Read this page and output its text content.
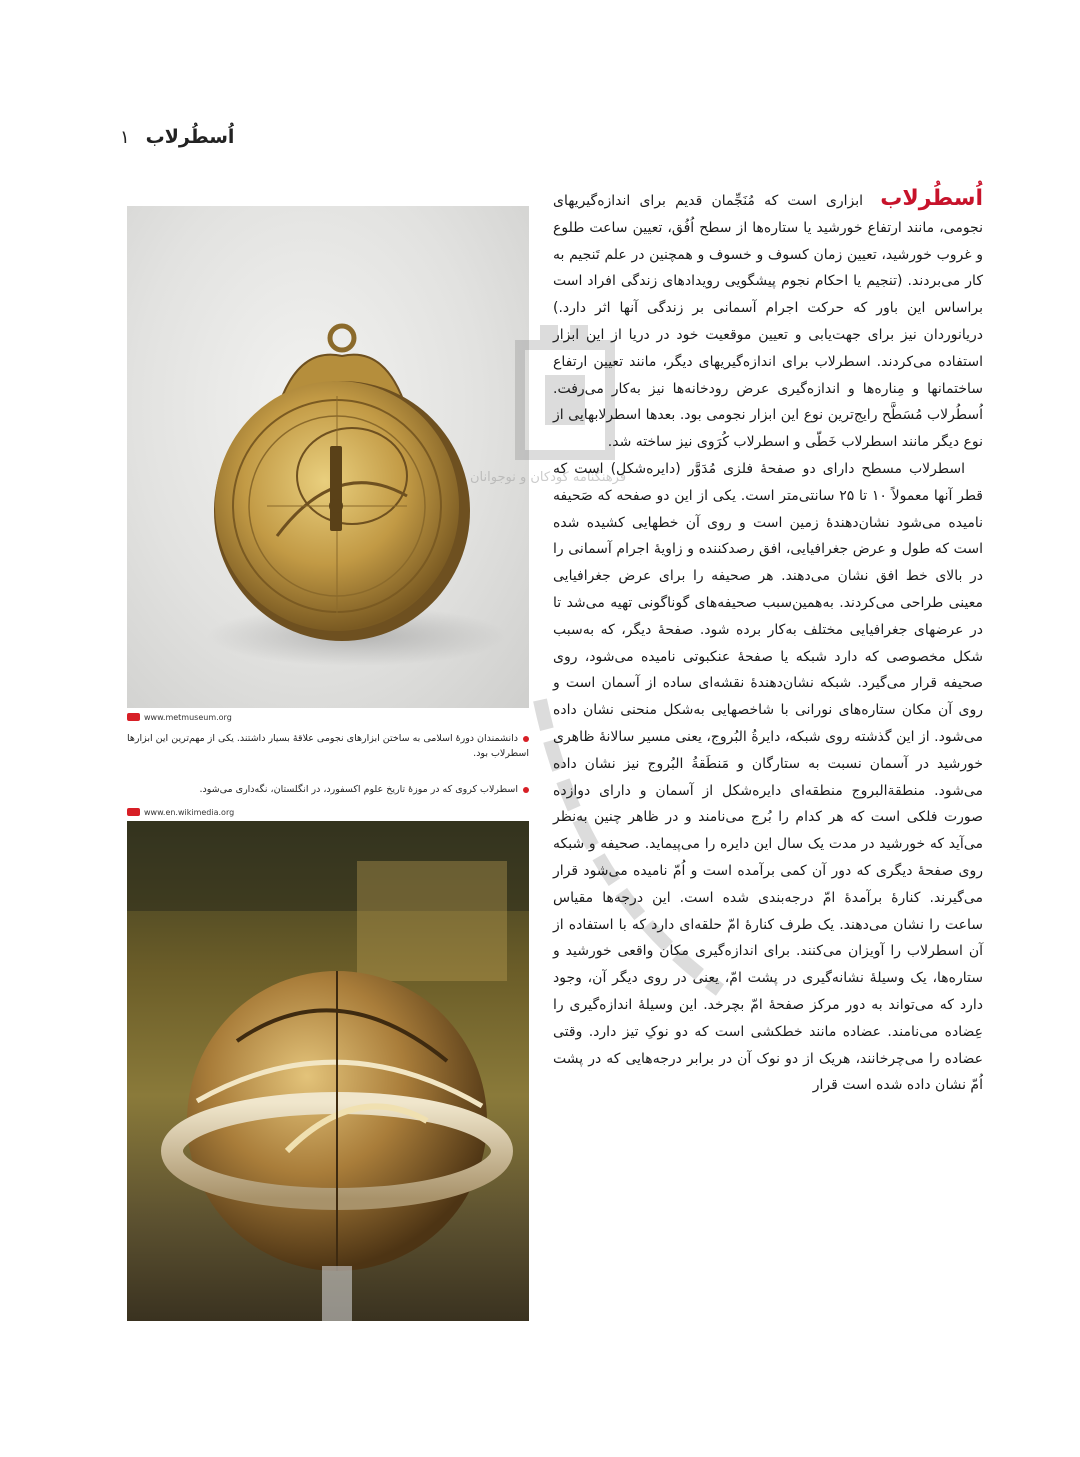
اُسطُرلاب
۱
www.metmuseum.org
دانشمندان دورهٔ اسلامی به ساختن ابزارهای نجومی علاقهٔ بسیار داشتند. یکی از مهم‌ترین این ابزارها اسطرلاب بود.
اسطرلاب کروی که در موزهٔ تاریخ علوم اکسفورد، در انگلستان، نگه‌داری می‌شود.
www.en.wikimedia.org
فرهنگنامه کودکان و نوجوانان

اُسطُرلاب ابزاری است که مُنَجِّمان قدیم برای اندازه‌گیریهای نجومی، مانند ارتفاع خورشید یا ستاره‌ها از سطح اُفُق، تعیین ساعت طلوع و غروب خورشید، تعیین زمان کسوف و خسوف و همچنین در علم تَنجیم به کار می‌بردند. (تنجیم یا احکام نجوم پیشگویی رویدادهای زندگی افراد است براساس این باور که حرکت اجرام آسمانی بر زندگی آنها اثر دارد.) دریانوردان نیز برای جهت‌یابی و تعیین موقعیت خود در دریا از این ابزار استفاده می‌کردند. اسطرلاب برای اندازه‌گیریهای دیگر، مانند تعیین ارتفاع ساختمانها و مِناره‌ها و اندازه‌گیری عرض رودخانه‌ها نیز به‌کار می‌رفت. اُسطُرلاب مُسَطَّح رایج‌ترین نوع این ابزار نجومی بود. بعدها اسطرلابهایی از نوع دیگر مانند اسطرلاب خَطّی و اسطرلاب کُرَوی نیز ساخته شد.

اسطرلاب مسطح دارای دو صفحهٔ فلزی مُدَوَّر (دایره‌شکل) است که قطر آنها معمولاً ۱۰ تا ۲۵ سانتی‌متر است. یکی از این دو صفحه که صَحیفه نامیده می‌شود نشان‌دهندهٔ زمین است و روی آن خطهایی کشیده شده است که طول و عرض جغرافیایی، افق رصدکننده و زاویهٔ اجرام آسمانی را در بالای خط افق نشان می‌دهند. هر صحیفه را برای عرض جغرافیایی معینی طراحی می‌کردند. به‌همین‌سبب صحیفه‌های گوناگونی تهیه می‌شد تا در عرضهای جغرافیایی مختلف به‌کار برده شود. صفحهٔ دیگر، که به‌سبب شکل مخصوصی که دارد شبکه یا صفحهٔ عنکبوتی نامیده می‌شود، روی صحیفه قرار می‌گیرد. شبکه نشان‌دهندهٔ نقشه‌ای ساده از آسمان است و روی آن مکان ستاره‌های نورانی با شاخصهایی به‌شکل منحنی نشان داده می‌شود. از این گذشته روی شبکه، دایرةُ البُروج، یعنی مسیر سالانهٔ ظاهری خورشید در آسمان نسبت به ستارگان و مَنطَقةُ البُروج نیز نشان داده می‌شود. منطقةالبروج منطقه‌ای دایره‌شکل از آسمان و دارای دوازده صورت فلکی است که هر کدام را بُرج می‌نامند و در ظاهر چنین به‌نظر می‌آید که خورشید در مدت یک سال این دایره را می‌پیماید. صحیفه و شبکه روی صفحهٔ دیگری که دور آن کمی برآمده است و اُمّ نامیده می‌شود قرار می‌گیرند. کنارهٔ برآمدهٔ امّ درجه‌بندی شده است. این درجه‌ها مقیاس ساعت را نشان می‌دهند. یک طرف کنارهٔ امّ حلقه‌ای دارد که با استفاده از آن اسطرلاب را آویزان می‌کنند. برای اندازه‌گیری مکان واقعی خورشید و ستاره‌ها، یک وسیلهٔ نشانه‌گیری در پشت امّ، یعنی در روی دیگر آن، وجود دارد که می‌تواند به دور مرکز صفحهٔ امّ بچرخد. این وسیلهٔ اندازه‌گیری را عِضاده می‌نامند. عضاده مانند خطکشی است که دو نوکِ تیز دارد. وقتی عضاده را می‌چرخانند، هریک از دو نوک آن در برابر درجه‌هایی که در پشت اُمّ نشان داده شده است قرار
